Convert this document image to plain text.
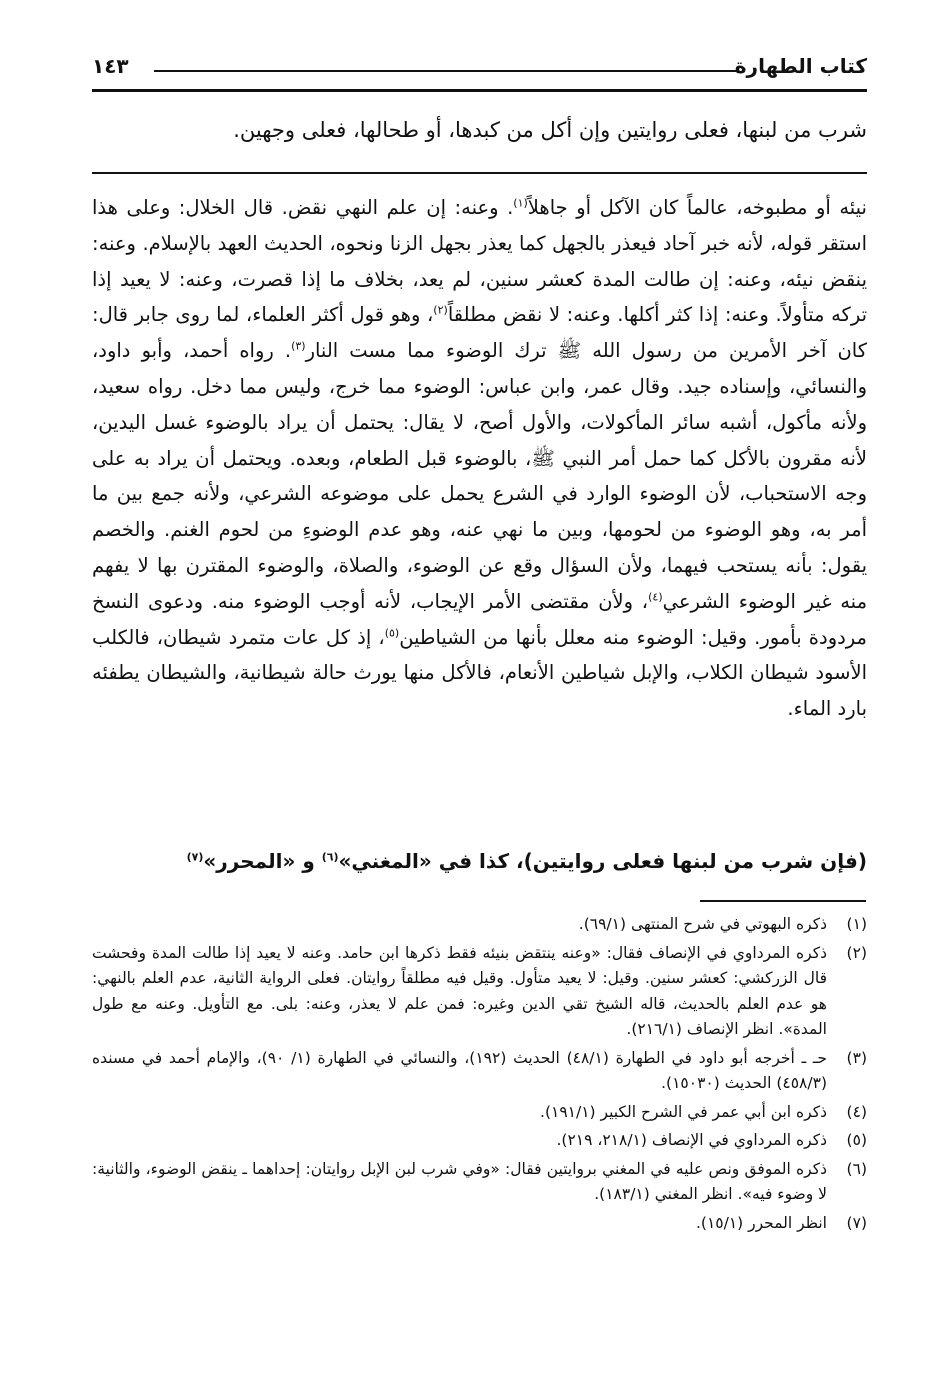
كتاب الطهارة
١٤٣
شرب من لبنها، فعلى روايتين وإن أكل من كبدها، أو طحالها، فعلى وجهين.

نيئه أو مطبوخه، عالماً كان الآكل أو جاهلاً$^{(١)}$. وعنه: إن علم النهي نقض. قال الخلال: وعلى هذا استقر قوله، لأنه خبر آحاد فيعذر بالجهل كما يعذر بجهل الزنا ونحوه، الحديث العهد بالإسلام. وعنه: ينقض نيئه، وعنه: إن طالت المدة كعشر سنين، لم يعد، بخلاف ما إذا قصرت، وعنه: لا يعيد إذا تركه متأولاً. وعنه: إذا كثر أكلها. وعنه: لا نقض مطلقاً$^{(٢)}$، وهو قول أكثر العلماء، لما روى جابر قال: كان آخر الأمرين من رسول الله ﷺ ترك الوضوء مما مست النار$^{(٣)}$. رواه أحمد، وأبو داود، والنسائي، وإسناده جيد. وقال عمر، وابن عباس: الوضوء مما خرج، وليس مما دخل. رواه سعيد، ولأنه مأكول، أشبه سائر المأكولات، والأول أصح، لا يقال: يحتمل أن يراد بالوضوء غسل اليدين، لأنه مقرون بالأكل كما حمل أمر النبي ﷺ، بالوضوء قبل الطعام، وبعده. ويحتمل أن يراد به على وجه الاستحباب، لأن الوضوء الوارد في الشرع يحمل على موضوعه الشرعي، ولأنه جمع بين ما أمر به، وهو الوضوء من لحومها، وبين ما نهي عنه، وهو عدم الوضوءِ من لحوم الغنم. والخصم يقول: بأنه يستحب فيهما، ولأن السؤال وقع عن الوضوء، والصلاة، والوضوء المقترن بها لا يفهم منه غير الوضوء الشرعي$^{(٤)}$، ولأن مقتضى الأمر الإيجاب، لأنه أوجب الوضوء منه. ودعوى النسخ مردودة بأمور. وقيل: الوضوء منه معلل بأنها من الشياطين$^{(٥)}$، إذ كل عات متمرد شيطان، فالكلب الأسود شيطان الكلاب، والإبل شياطين الأنعام، فالأكل منها يورث حالة شيطانية، والشيطان يطفئه بارد الماء.

(فإن شرب من لبنها فعلى روايتين)، كذا في «المغني»$^{(٦)}$ و «المحرر»$^{(٧)}$

(١)
ذكره البهوتي في شرح المنتهى (٦٩/١).
(٢)
ذكره المرداوي في الإنصاف فقال: «وعنه ينتقض بنيئه فقط ذكرها ابن حامد. وعنه لا يعيد إذا طالت المدة وفحشت قال الزركشي: كعشر سنين. وقيل: لا يعيد متأول. وقيل فيه مطلقاً روايتان. فعلى الرواية الثانية، عدم العلم بالنهي: هو عدم العلم بالحديث، قاله الشيخ تقي الدين وغيره: فمن علم لا يعذر، وعنه: بلى. مع التأويل. وعنه مع طول المدة». انظر الإنصاف (٢١٦/١).
(٣)
حـ ـ أخرجه أبو داود في الطهارة (٤٨/١) الحديث (١٩٢)، والنسائي في الطهارة (١/ ٩٠)، والإمام أحمد في مسنده (٤٥٨/٣) الحديث (١٥٠٣٠).
(٤)
ذكره ابن أبي عمر في الشرح الكبير (١٩١/١).
(٥)
ذكره المرداوي في الإنصاف (٢١٨/١، ٢١٩).
(٦)
ذكره الموفق ونص عليه في المغني بروايتين فقال: «وفي شرب لبن الإبل روايتان: إحداهما ـ ينقض الوضوء، والثانية: لا وضوء فيه». انظر المغني (١٨٣/١).
(٧)
انظر المحرر (١٥/١).
